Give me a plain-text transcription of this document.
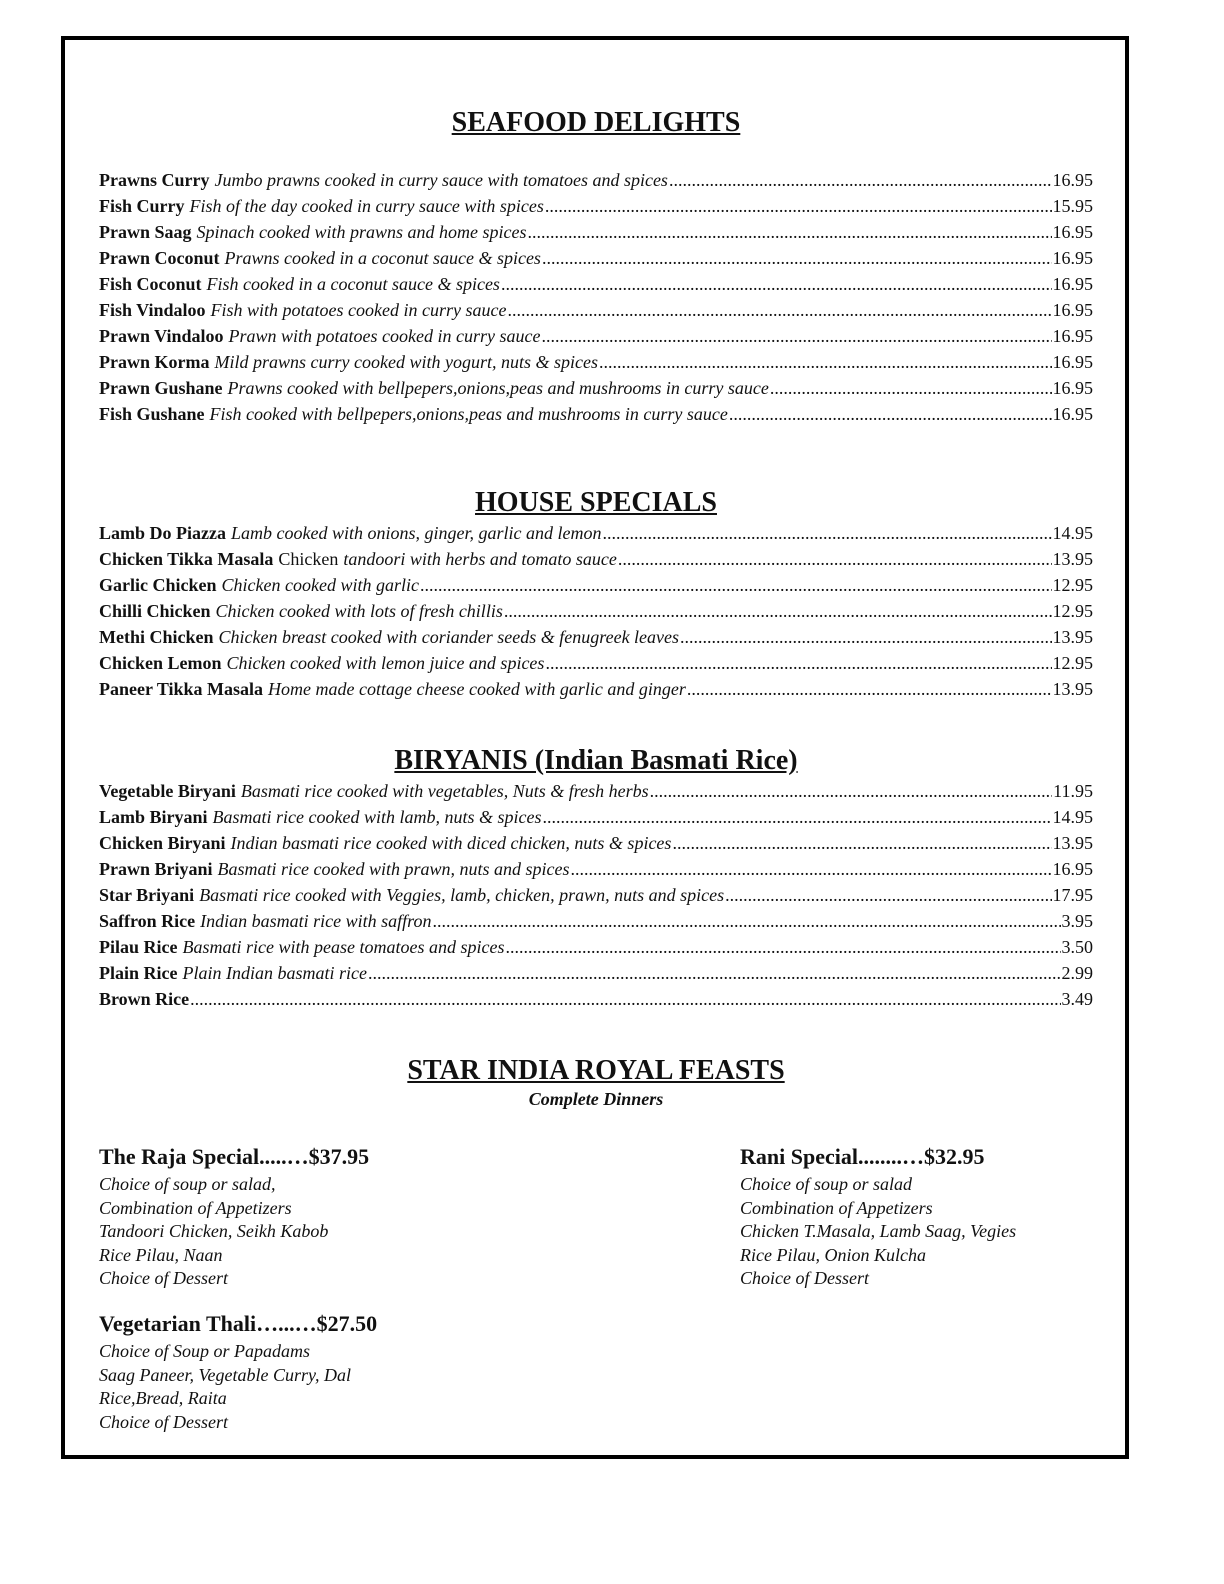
SEAFOOD DELIGHTS
Prawns Curry Jumbo prawns cooked in curry sauce with tomatoes and spices .....	16.95
Fish Curry Fish of the day cooked in curry sauce with spices .....	15.95
Prawn Saag Spinach cooked with prawns and home spices .....	16.95
Prawn Coconut Prawns cooked in a coconut sauce & spices .....	16.95
Fish Coconut Fish cooked in a coconut sauce & spices .....	16.95
Fish Vindaloo Fish with potatoes cooked in curry sauce .....	16.95
Prawn Vindaloo Prawn with potatoes cooked in curry sauce .....	16.95
Prawn Korma Mild prawns curry cooked with yogurt, nuts & spices .....	16.95
Prawn Gushane Prawns cooked with bellpepers,onions,peas and mushrooms in curry sauce .....	16.95
Fish Gushane Fish cooked with bellpepers,onions,peas and mushrooms in curry sauce .....	16.95
HOUSE SPECIALS
Lamb Do Piazza Lamb cooked with onions, ginger, garlic and lemon .....	14.95
Chicken Tikka Masala Chicken tandoori with herbs and tomato sauce .....	13.95
Garlic Chicken Chicken cooked with garlic .....	12.95
Chilli Chicken Chicken cooked with lots of fresh chillis .....	12.95
Methi Chicken Chicken breast cooked with coriander seeds & fenugreek leaves .....	13.95
Chicken Lemon Chicken cooked with lemon juice and spices .....	12.95
Paneer Tikka Masala Home made cottage cheese cooked with garlic and ginger .....	13.95
BIRYANIS (Indian Basmati Rice)
Vegetable Biryani Basmati rice cooked with vegetables, Nuts & fresh herbs .....	11.95
Lamb Biryani Basmati rice cooked with lamb, nuts & spices .....	14.95
Chicken Biryani Indian basmati rice cooked with diced chicken, nuts & spices .....	13.95
Prawn Briyani Basmati rice cooked with prawn, nuts and spices .....	16.95
Star Briyani Basmati rice cooked with Veggies, lamb, chicken, prawn, nuts and spices .....	17.95
Saffron Rice Indian basmati rice with saffron .....	3.95
Pilau Rice Basmati rice with pease tomatoes and spices .....	3.50
Plain Rice Plain Indian basmati rice .....	2.99
Brown Rice .....	3.49
STAR INDIA ROYAL FEASTS

Complete Dinners

The Raja Special.....…$37.95

Choice of soup or salad,

Combination of Appetizers

Tandoori Chicken, Seikh Kabob

Rice Pilau, Naan

Choice of Dessert

Rani Special........…$32.95

Choice of soup or salad

Combination of Appetizers

Chicken T.Masala, Lamb Saag, Vegies

Rice Pilau, Onion Kulcha

Choice of Dessert

Vegetarian Thali…...…$27.50

Choice of Soup or Papadams

Saag Paneer, Vegetable Curry, Dal

Rice,Bread, Raita

Choice of Dessert
